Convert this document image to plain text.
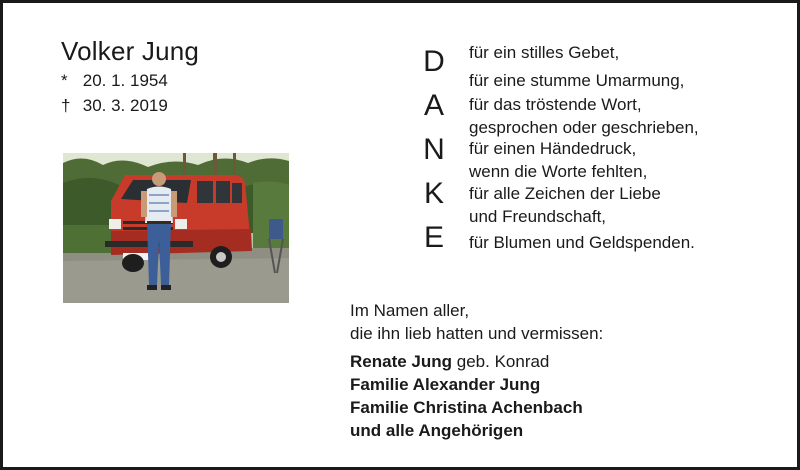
Volker Jung
* 20. 1. 1954
† 30. 3. 2019
D
A
N
K
E
für ein stilles Gebet,
für eine stumme Umarmung,
für das tröstende Wort,
gesprochen oder geschrieben,
für einen Händedruck,
wenn die Worte fehlten,
für alle Zeichen der Liebe
und Freundschaft,
für Blumen und Geldspenden.
Im Namen aller,
die ihn lieb hatten und vermissen:
Renate Jung geb. Konrad
Familie Alexander Jung
Familie Christina Achenbach
und alle Angehörigen
